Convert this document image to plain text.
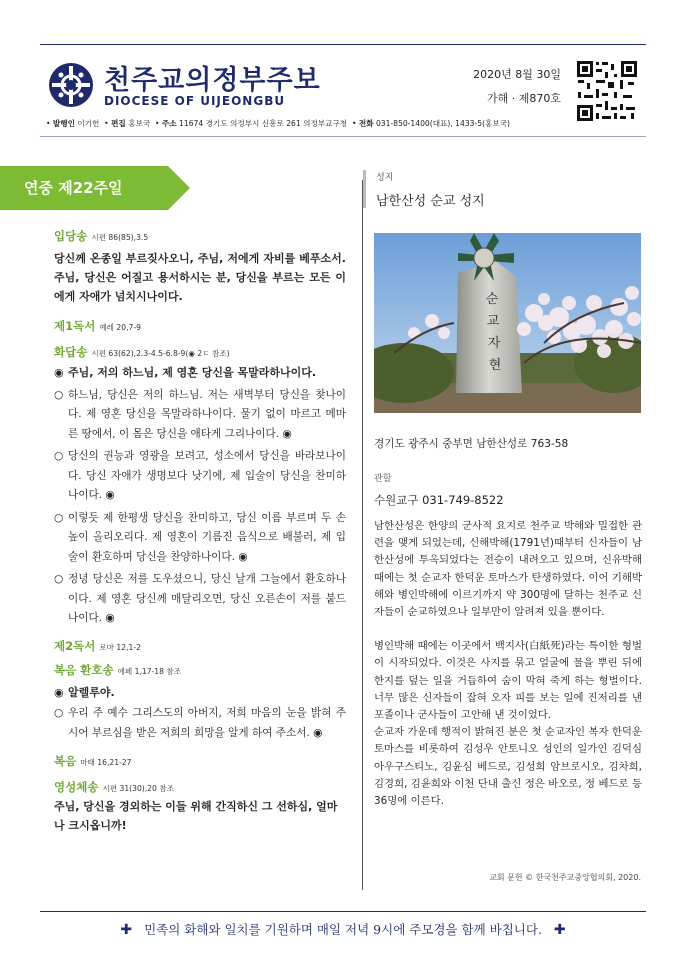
천주교의정부주보
DIOCESE OF UIJEONGBU
2020년 8월 30일
가해 · 제870호
• 발행인 이기헌  • 편집 홍보국  • 주소 11674 경기도 의정부시 신흥로 261 의정부교구청  • 전화 031-850-1400(대표), 1433-5(홍보국)
연중 제22주일
입당송 시편 86(85),3.5
당신께 온종일 부르짖사오니, 주님, 저에게 자비를 베푸소서. 주님, 당신은 어질고 용서하시는 분, 당신을 부르는 모든 이에게 자애가 넘치시나이다.
제1독서 예레 20,7-9
화답송 시편 63(62),2.3-4.5-6.8-9(◉ 2ㄷ 참조)
◉ 주님, 저의 하느님, 제 영혼 당신을 목말라하나이다.
○ 하느님, 당신은 저의 하느님. 저는 새벽부터 당신을 찾나이다. 제 영혼 당신을 목말라하나이다. 물기 없이 마르고 메마른 땅에서, 이 몸은 당신을 애타게 그리나이다. ◉
○ 당신의 권능과 영광을 보려고, 성소에서 당신을 바라보나이다. 당신 자애가 생명보다 낫기에, 제 입술이 당신을 찬미하나이다. ◉
○ 이렇듯 제 한평생 당신을 찬미하고, 당신 이름 부르며 두 손 높이 올리오리다. 제 영혼이 기름진 음식으로 배불러, 제 입술이 환호하며 당신을 찬양하나이다. ◉
○ 정녕 당신은 저를 도우셨으니, 당신 날개 그늘에서 환호하나이다. 제 영혼 당신께 매달리오면, 당신 오른손이 저를 붙드나이다. ◉
제2독서 로마 12,1-2
복음 환호송 에페 1,17-18 참조
◉ 알렐루야.
○ 우리 주 예수 그리스도의 아버지, 저희 마음의 눈을 밝혀 주시어 부르심을 받은 저희의 희망을 알게 하여 주소서. ◉
복음 마태 16,21-27
영성체송 시편 31(30),20 참조
주님, 당신을 경외하는 이들 위해 간직하신 그 선하심, 얼마나 크시옵니까!
성지
남한산성 순교 성지
순
교
자
현
경기도 광주시 중부면 남한산성로 763-58
관할
수원교구 031-749-8522
남한산성은 한양의 군사적 요지로 천주교 박해와 밀접한 관련을 맺게 되었는데, 신해박해(1791년)때부터 신자들이 남한산성에 투옥되었다는 전승이 내려오고 있으며, 신유박해 때에는 첫 순교자 한덕운 토마스가 탄생하였다. 이어 기해박해와 병인박해에 이르기까지 약 300명에 달하는 천주교 신자들이 순교하였으나 일부만이 알려져 있을 뿐이다.
병인박해 때에는 이곳에서 백지사(白紙死)라는 특이한 형벌이 시작되었다. 이것은 사지를 묶고 얼굴에 물을 뿌린 뒤에 한지를 덮는 일을 거듭하여 숨이 막혀 죽게 하는 형벌이다. 너무 많은 신자들이 잡혀 오자 피를 보는 일에 진저리를 낸 포졸이나 군사들이 고안해 낸 것이었다.
순교자 가운데 행적이 밝혀진 분은 첫 순교자인 복자 한덕운 토마스를 비롯하여 김성우 안토니오 성인의 일가인 김덕심 아우구스티노, 김윤심 베드로, 김성희 암브로시오, 김차희, 김경희, 김윤희와 이천 단내 출신 정은 바오로, 정 베드로 등 36명에 이른다.
교회 문헌 © 한국천주교중앙협의회, 2020.
✚ 민족의 화해와 일치를 기원하며 매일 저녁 9시에 주모경을 함께 바칩니다. ✚
